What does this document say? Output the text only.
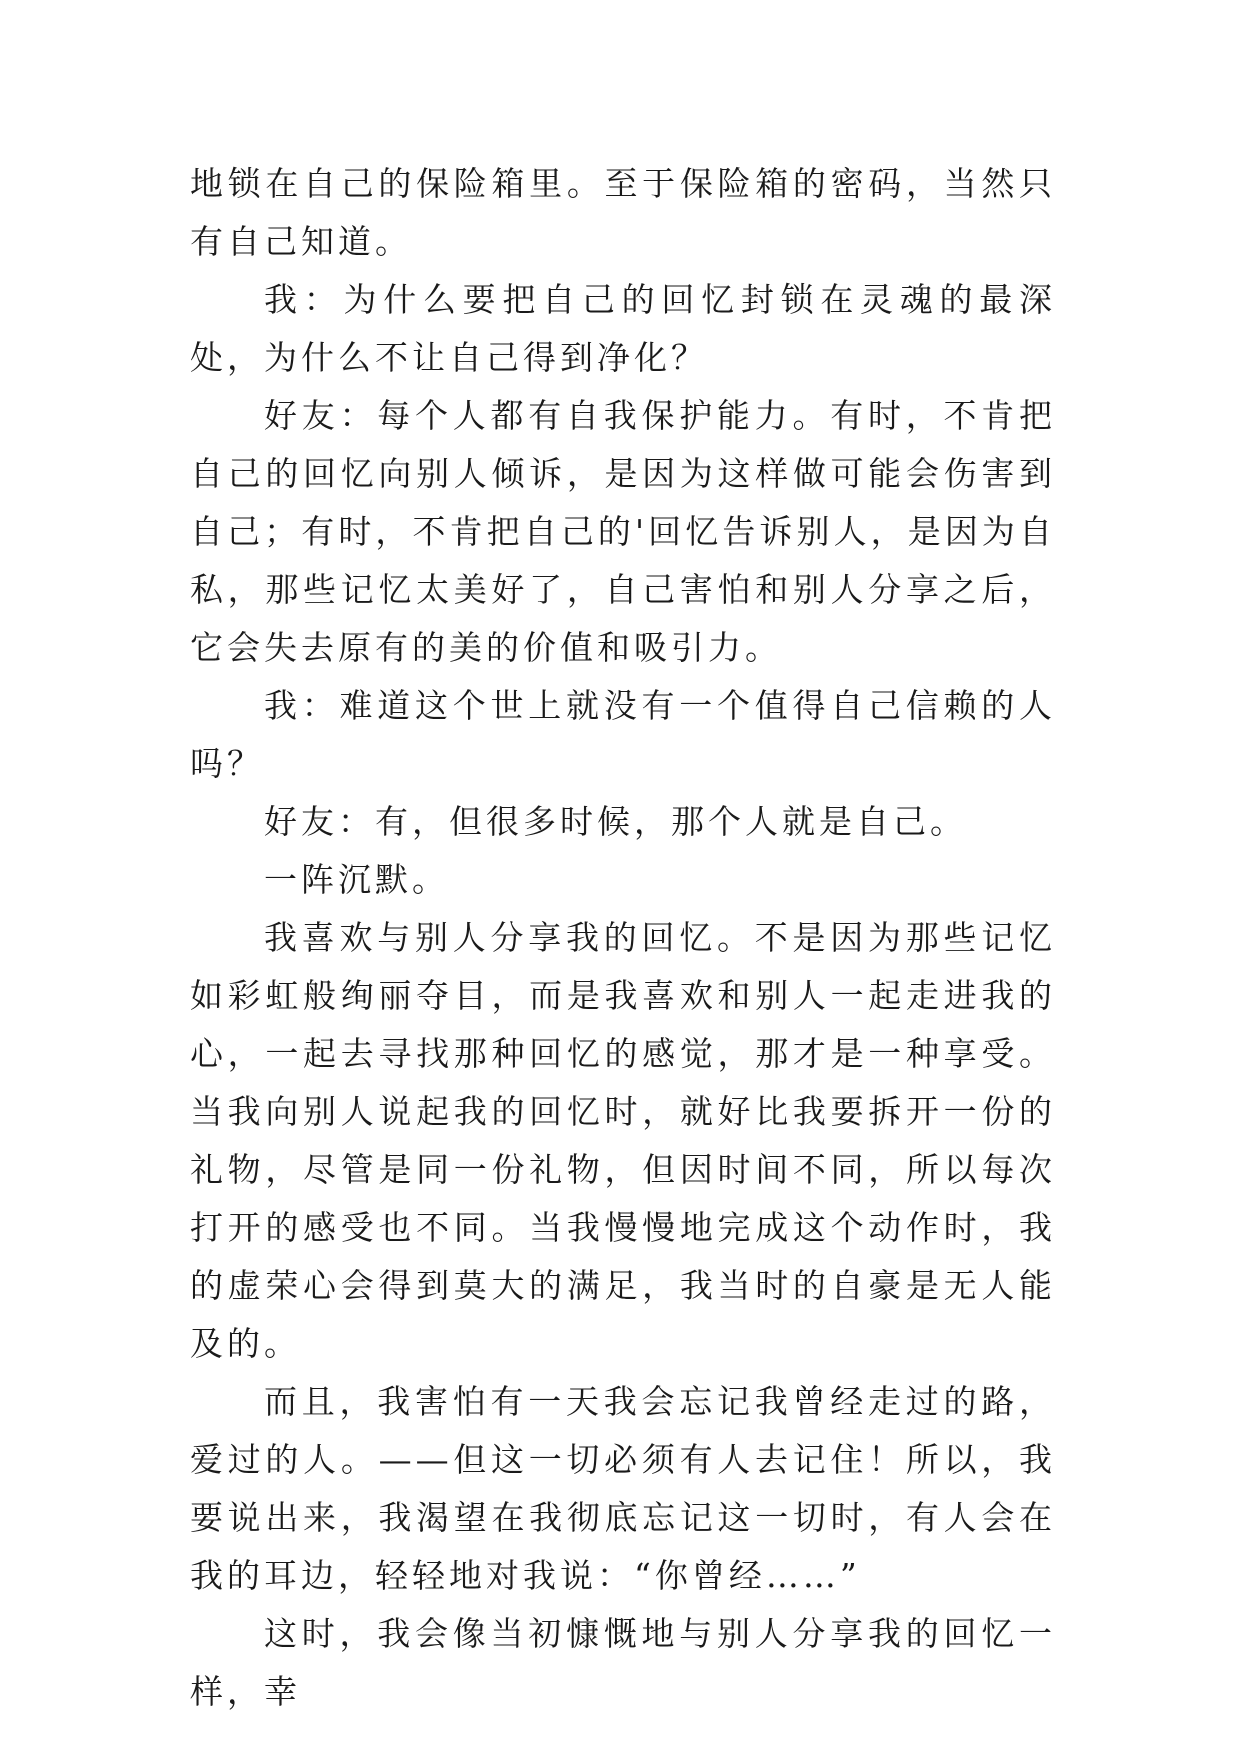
地锁在自己的保险箱里。至于保险箱的密码，当然只有自己知道。

我：为什么要把自己的回忆封锁在灵魂的最深处，为什么不让自己得到净化？

好友：每个人都有自我保护能力。有时，不肯把自己的回忆向别人倾诉，是因为这样做可能会伤害到自己；有时，不肯把自己的'回忆告诉别人，是因为自私，那些记忆太美好了，自己害怕和别人分享之后，它会失去原有的美的价值和吸引力。

我：难道这个世上就没有一个值得自己信赖的人吗？

好友：有，但很多时候，那个人就是自己。

一阵沉默。

我喜欢与别人分享我的回忆。不是因为那些记忆如彩虹般绚丽夺目，而是我喜欢和别人一起走进我的心，一起去寻找那种回忆的感觉，那才是一种享受。当我向别人说起我的回忆时，就好比我要拆开一份的礼物，尽管是同一份礼物，但因时间不同，所以每次打开的感受也不同。当我慢慢地完成这个动作时，我的虚荣心会得到莫大的满足，我当时的自豪是无人能及的。

而且，我害怕有一天我会忘记我曾经走过的路，爱过的人。——但这一切必须有人去记住！所以，我要说出来，我渴望在我彻底忘记这一切时，有人会在我的耳边，轻轻地对我说：“你曾经……”

这时，我会像当初慷慨地与别人分享我的回忆一样，幸
